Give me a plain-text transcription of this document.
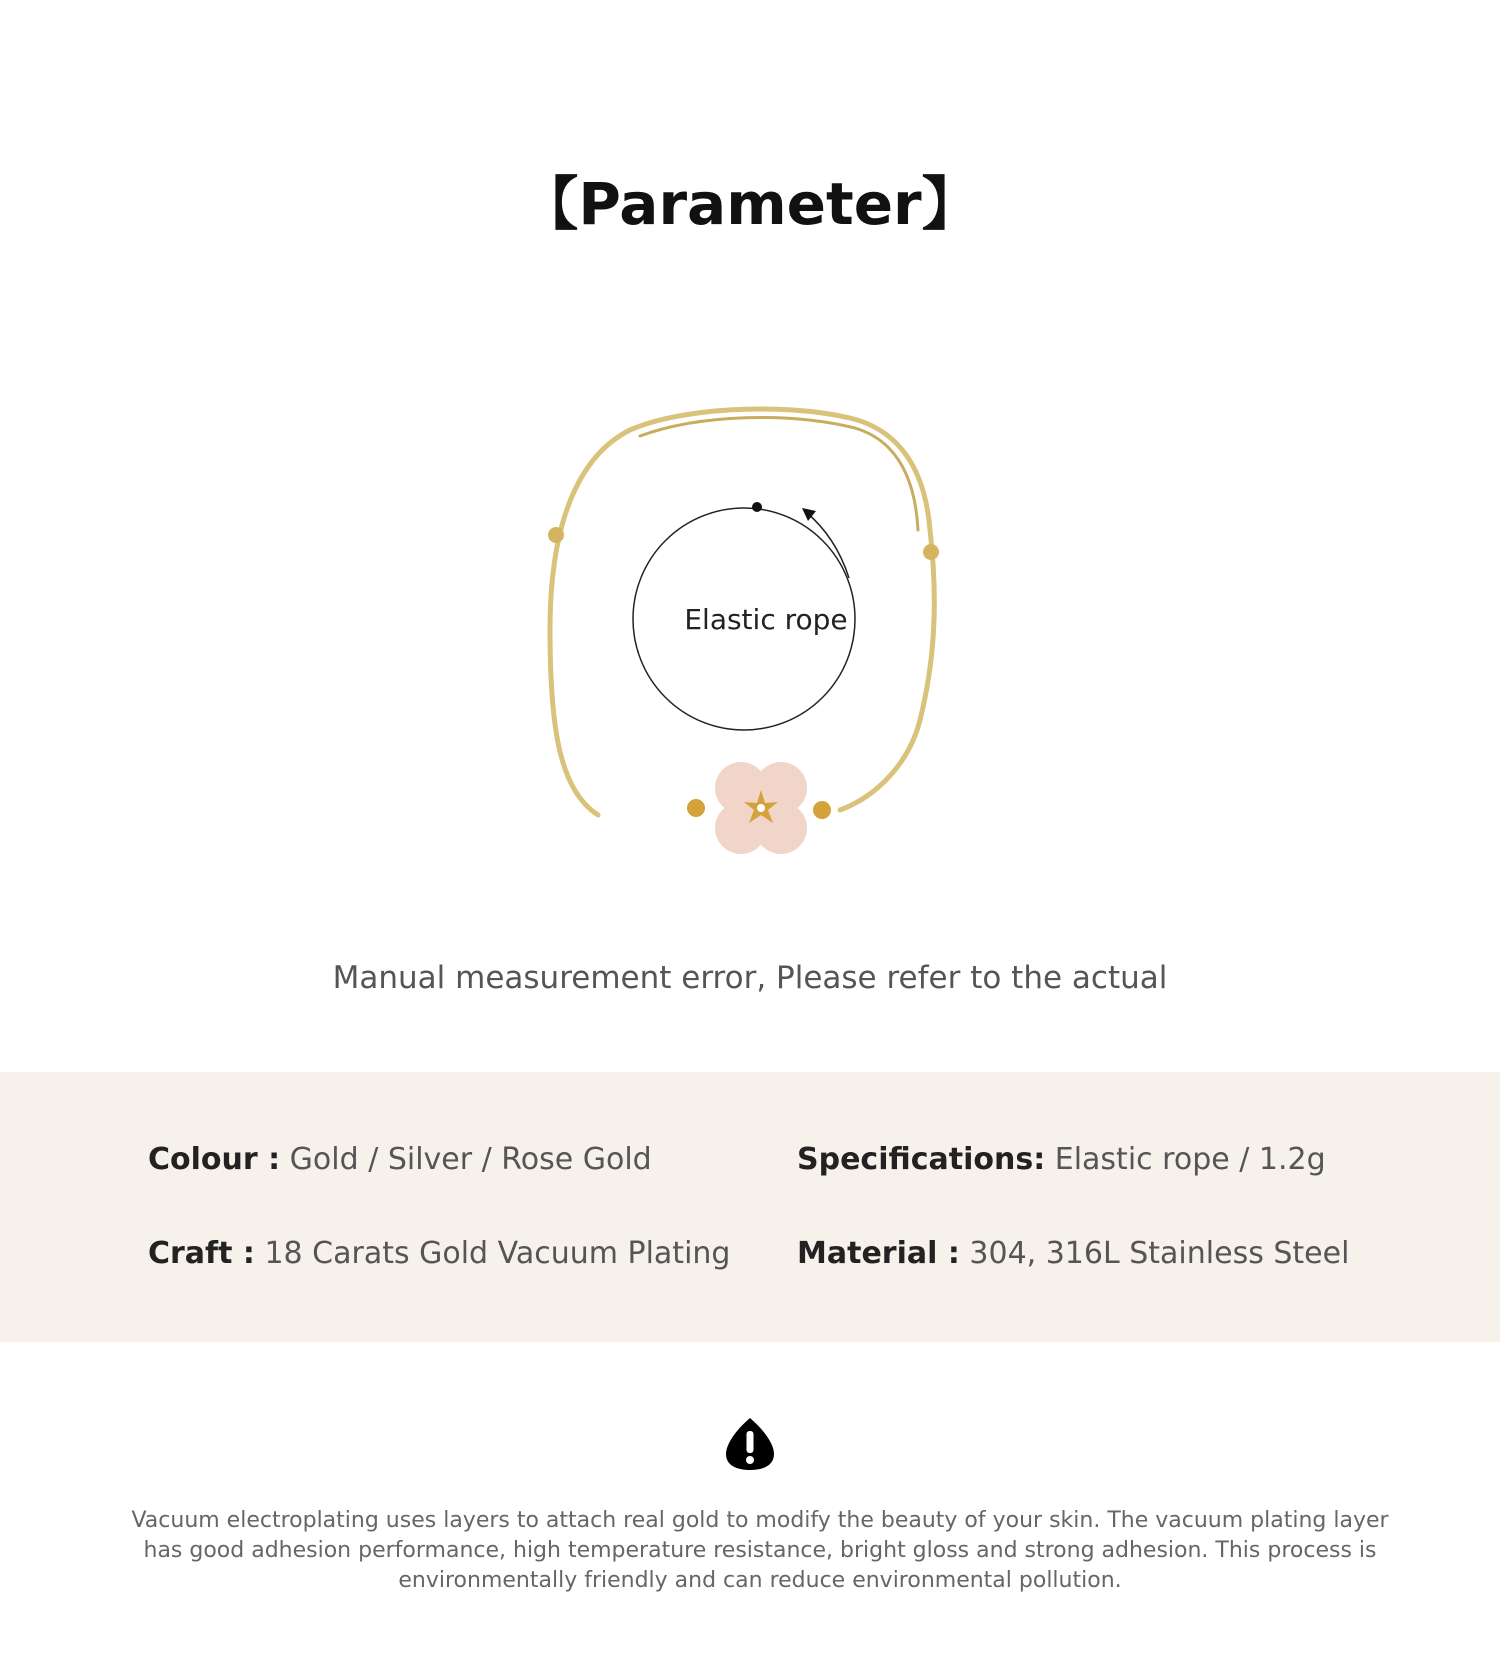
【Parameter】
Elastic rope
Manual measurement error, Please refer to the actual
Colour : Gold / Silver / Rose Gold	Specifications: Elastic rope / 1.2g
Craft : 18 Carats Gold Vacuum Plating Material : 304, 316L Stainless Steel
Vacuum electroplating uses layers to attach real gold to modify the beauty of your skin. The vacuum plating layer has good adhesion performance, high temperature resistance, bright gloss and strong adhesion. This process is environmentally friendly and can reduce environmental pollution.
